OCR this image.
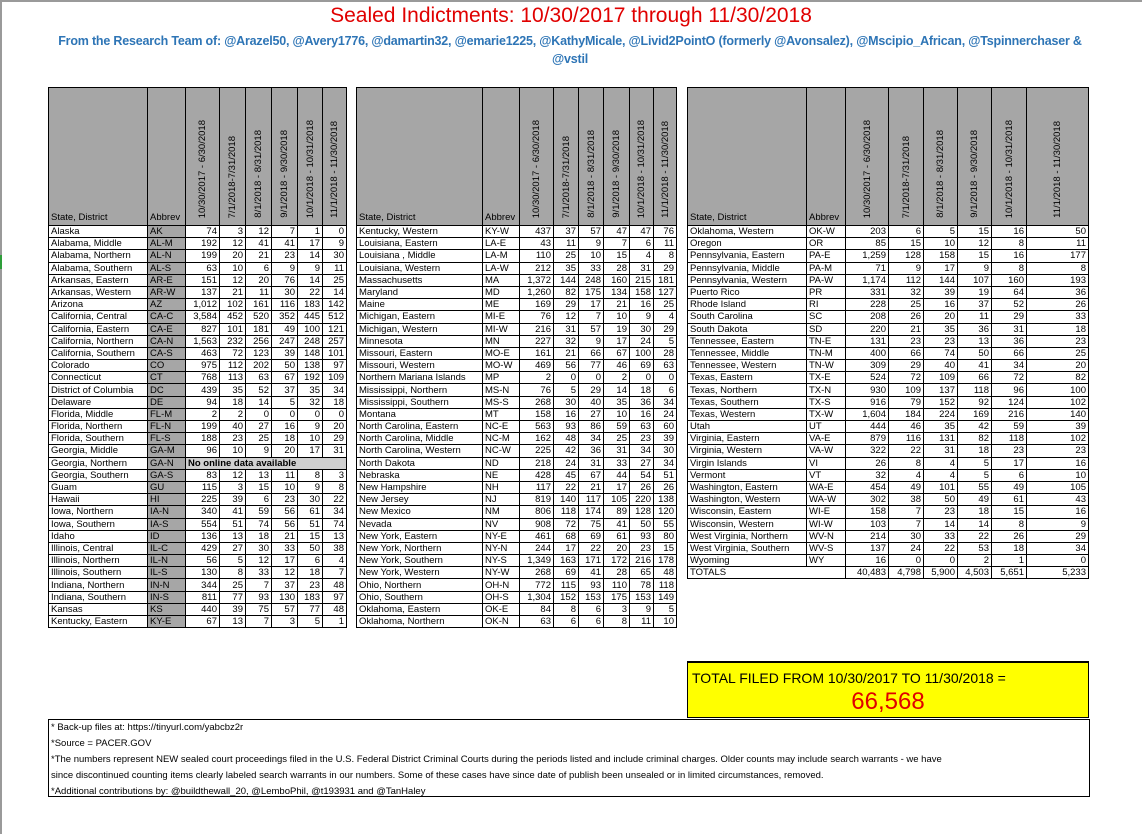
Sealed Indictments: 10/30/2017 through 11/30/2018
From the Research Team of: @Arazel50, @Avery1776, @damartin32, @emarie1225, @KathyMicale, @Livid2PointO (formerly @Avonsalez), @Mscipio_African, @Tspinnerchaser & @vstil
State, District	Abbrev	10/30/2017 - 6/30/2018	7/1/2018-7/31/2018	8/1/2018 - 8/31/2018	9/1/2018 - 9/30/2018	10/1/2018 - 10/31/2018	11/1/2018 - 11/30/2018
Alaska	AK	74	3	12	7	1	0
Alabama, Middle	AL-M	192	12	41	41	17	9
Alabama, Northern	AL-N	199	20	21	23	14	30
Alabama, Southern	AL-S	63	10	6	9	9	11
Arkansas, Eastern	AR-E	151	12	20	76	14	25
Arkansas, Western	AR-W	137	21	11	30	22	14
Arizona	AZ	1,012	102	161	116	183	142
California, Central	CA-C	3,584	452	520	352	445	512
California, Eastern	CA-E	827	101	181	49	100	121
California, Northern	CA-N	1,563	232	256	247	248	257
California, Southern	CA-S	463	72	123	39	148	101
Colorado	CO	975	112	202	50	138	97
Connecticut	CT	768	113	63	67	192	109
District of Columbia	DC	439	35	52	37	35	34
Delaware	DE	94	18	14	5	32	18
Florida, Middle	FL-M	2	2	0	0	0	0
Florida, Northern	FL-N	199	40	27	16	9	20
Florida, Southern	FL-S	188	23	25	18	10	29
Georgia, Middle	GA-M	96	10	9	20	17	31
Georgia, Northern	GA-N	No online data available					
Georgia, Southern	GA-S	83	12	13	11	8	3
Guam	GU	115	3	15	10	9	8
Hawaii	HI	225	39	6	23	30	22
Iowa, Northern	IA-N	340	41	59	56	61	34
Iowa, Southern	IA-S	554	51	74	56	51	74
Idaho	ID	136	13	18	21	15	13
Illinois, Central	IL-C	429	27	30	33	50	38
Illinois, Northern	IL-N	56	5	12	17	6	4
Illinois, Southern	IL-S	130	8	33	12	18	7
Indiana, Northern	IN-N	344	25	7	37	23	48
Indiana, Southern	IN-S	811	77	93	130	183	97
Kansas	KS	440	39	75	57	77	48
Kentucky, Eastern	KY-E	67	13	7	3	5	1
State, District	Abbrev	10/30/2017 - 6/30/2018	7/1/2018-7/31/2018	8/1/2018 - 8/31/2018	9/1/2018 - 9/30/2018	10/1/2018 - 10/31/2018	11/1/2018 - 11/30/2018
Kentucky, Western	KY-W	437	37	57	47	47	76
Louisiana, Eastern	LA-E	43	11	9	7	6	11
Louisiana , Middle	LA-M	110	25	10	15	4	8
Louisiana, Western	LA-W	212	35	33	28	31	29
Massachusetts	MA	1,372	144	248	160	215	181
Maryland	MD	1,260	82	175	134	158	127
Maine	ME	169	29	17	21	16	25
Michigan, Eastern	MI-E	76	12	7	10	9	4
Michigan, Western	MI-W	216	31	57	19	30	29
Minnesota	MN	227	32	9	17	24	5
Missouri, Eastern	MO-E	161	21	66	67	100	28
Missouri, Western	MO-W	469	56	77	46	69	63
Northern Mariana Islands	MP	2	0	0	2	0	0
Mississippi, Northern	MS-N	76	5	29	14	18	6
Mississippi, Southern	MS-S	268	30	40	35	36	34
Montana	MT	158	16	27	10	16	24
North Carolina, Eastern	NC-E	563	93	86	59	63	60
North Carolina, Middle	NC-M	162	48	34	25	23	39
North Carolina, Western	NC-W	225	42	36	31	34	30
North Dakota	ND	218	24	31	33	27	34
Nebraska	NE	428	45	67	44	54	51
New Hampshire	NH	117	22	21	17	26	26
New Jersey	NJ	819	140	117	105	220	138
New Mexico	NM	806	118	174	89	128	120
Nevada	NV	908	72	75	41	50	55
New York, Eastern	NY-E	461	68	69	61	93	80
New York, Northern	NY-N	244	17	22	20	23	15
New York, Southern	NY-S	1,349	163	171	172	216	178
New York, Western	NY-W	268	69	41	28	65	48
Ohio, Northern	OH-N	772	115	93	110	78	118
Ohio, Southern	OH-S	1,304	152	153	175	153	149
Oklahoma, Eastern	OK-E	84	8	6	3	9	5
Oklahoma, Northern	OK-N	63	6	6	8	11	10
State, District	Abbrev	10/30/2017 - 6/30/2018	7/1/2018-7/31/2018	8/1/2018 - 8/31/2018	9/1/2018 - 9/30/2018	10/1/2018 - 10/31/2018	11/1/2018 - 11/30/2018
Oklahoma, Western	OK-W	203	6	5	15	16	50
Oregon	OR	85	15	10	12	8	11
Pennsylvania, Eastern	PA-E	1,259	128	158	15	16	177
Pennsylvania, Middle	PA-M	71	9	17	9	8	8
Pennsylvania, Western	PA-W	1,174	112	144	107	160	193
Puerto Rico	PR	331	32	39	19	64	36
Rhode Island	RI	228	25	16	37	52	26
South Carolina	SC	208	26	20	11	29	33
South Dakota	SD	220	21	35	36	31	18
Tennessee, Eastern	TN-E	131	23	23	13	36	23
Tennessee, Middle	TN-M	400	66	74	50	66	25
Tennessee, Western	TN-W	309	29	40	41	34	20
Texas, Eastern	TX-E	524	72	109	66	72	82
Texas, Northern	TX-N	930	109	137	118	96	100
Texas, Southern	TX-S	916	79	152	92	124	102
Texas, Western	TX-W	1,604	184	224	169	216	140
Utah	UT	444	46	35	42	59	39
Virginia, Eastern	VA-E	879	116	131	82	118	102
Virginia, Western	VA-W	322	22	31	18	23	23
Virgin Islands	VI	26	8	4	5	17	16
Vermont	VT	32	4	4	5	6	10
Washington, Eastern	WA-E	454	49	101	55	49	105
Washington, Western	WA-W	302	38	50	49	61	43
Wisconsin, Eastern	WI-E	158	7	23	18	15	16
Wisconsin, Western	WI-W	103	7	14	14	8	9
West Virginia, Northern	WV-N	214	30	33	22	26	29
West Virginia, Southern	WV-S	137	24	22	53	18	34
Wyoming	WY	16	0	0	2	1	0
TOTALS		40,483	4,798	5,900	4,503	5,651	5,233
TOTAL FILED FROM 10/30/2017 TO 11/30/2018 =
66,568
* Back-up files at: https://tinyurl.com/yabcbz2r
*Source = PACER.GOV
*The numbers represent NEW sealed court proceedings filed in the U.S. Federal District Criminal Courts during the periods listed and include criminal charges. Older counts may include search warrants - we have
since discontinued counting items clearly labeled search warrants in our numbers. Some of these cases have since date of publish been unsealed or in limited circumstances, removed.
*Additional contributions by: @buildthewall_20, @LemboPhil, @t193931 and @TanHaley
